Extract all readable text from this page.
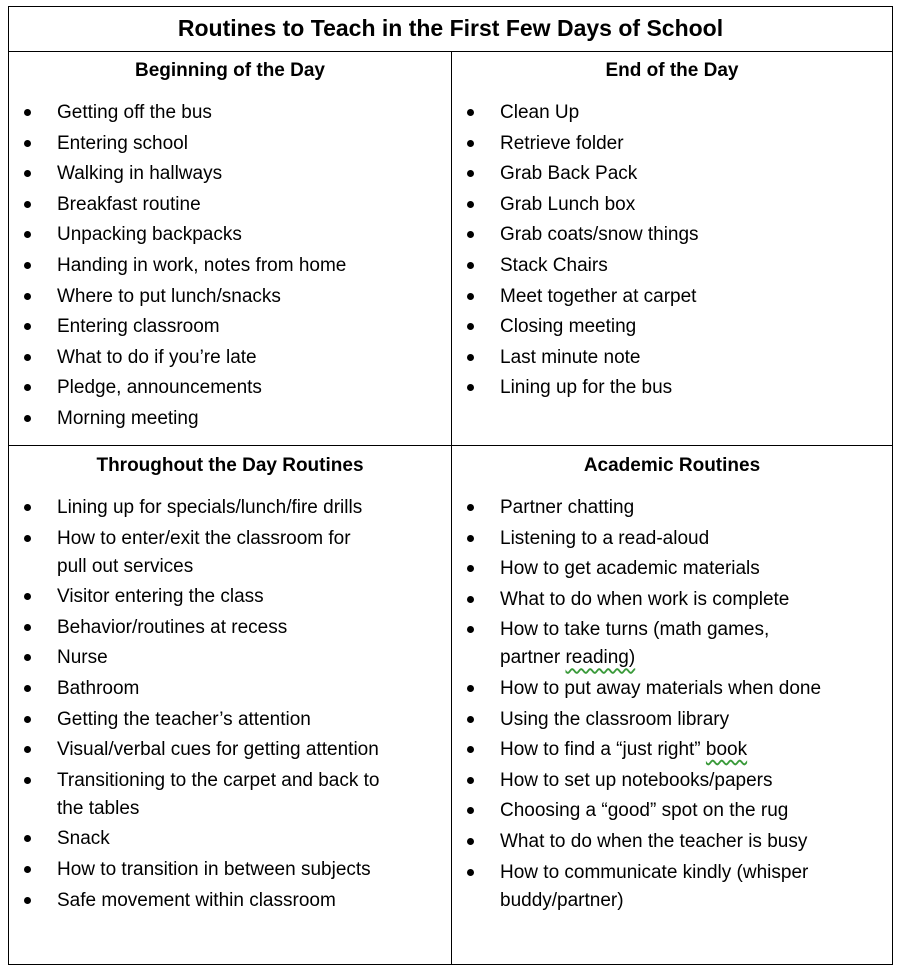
Routines to Teach in the First Few Days of School
Beginning of the Day
Getting off the bus
Entering school
Walking in hallways
Breakfast routine
Unpacking backpacks
Handing in work, notes from home
Where to put lunch/snacks
Entering classroom
What to do if you’re late
Pledge, announcements
Morning meeting
End of the Day
Clean Up
Retrieve folder
Grab Back Pack
Grab Lunch box
Grab coats/snow things
Stack Chairs
Meet together at carpet
Closing meeting
Last minute note
Lining up for the bus
Throughout the Day Routines
Lining up for specials/lunch/fire drills
How to enter/exit the classroom for
pull out services
Visitor entering the class
Behavior/routines at recess
Nurse
Bathroom
Getting the teacher’s attention
Visual/verbal cues for getting attention
Transitioning to the carpet and back to
the tables
Snack
How to transition in between subjects
Safe movement within classroom
Academic Routines
Partner chatting
Listening to a read-aloud
How to get academic materials
What to do when work is complete
How to take turns (math games,
partner reading)
How to put away materials when done
Using the classroom library
How to find a “just right” book
How to set up notebooks/papers
Choosing a “good” spot on the rug
What to do when the teacher is busy
How to communicate kindly (whisper
buddy/partner)
